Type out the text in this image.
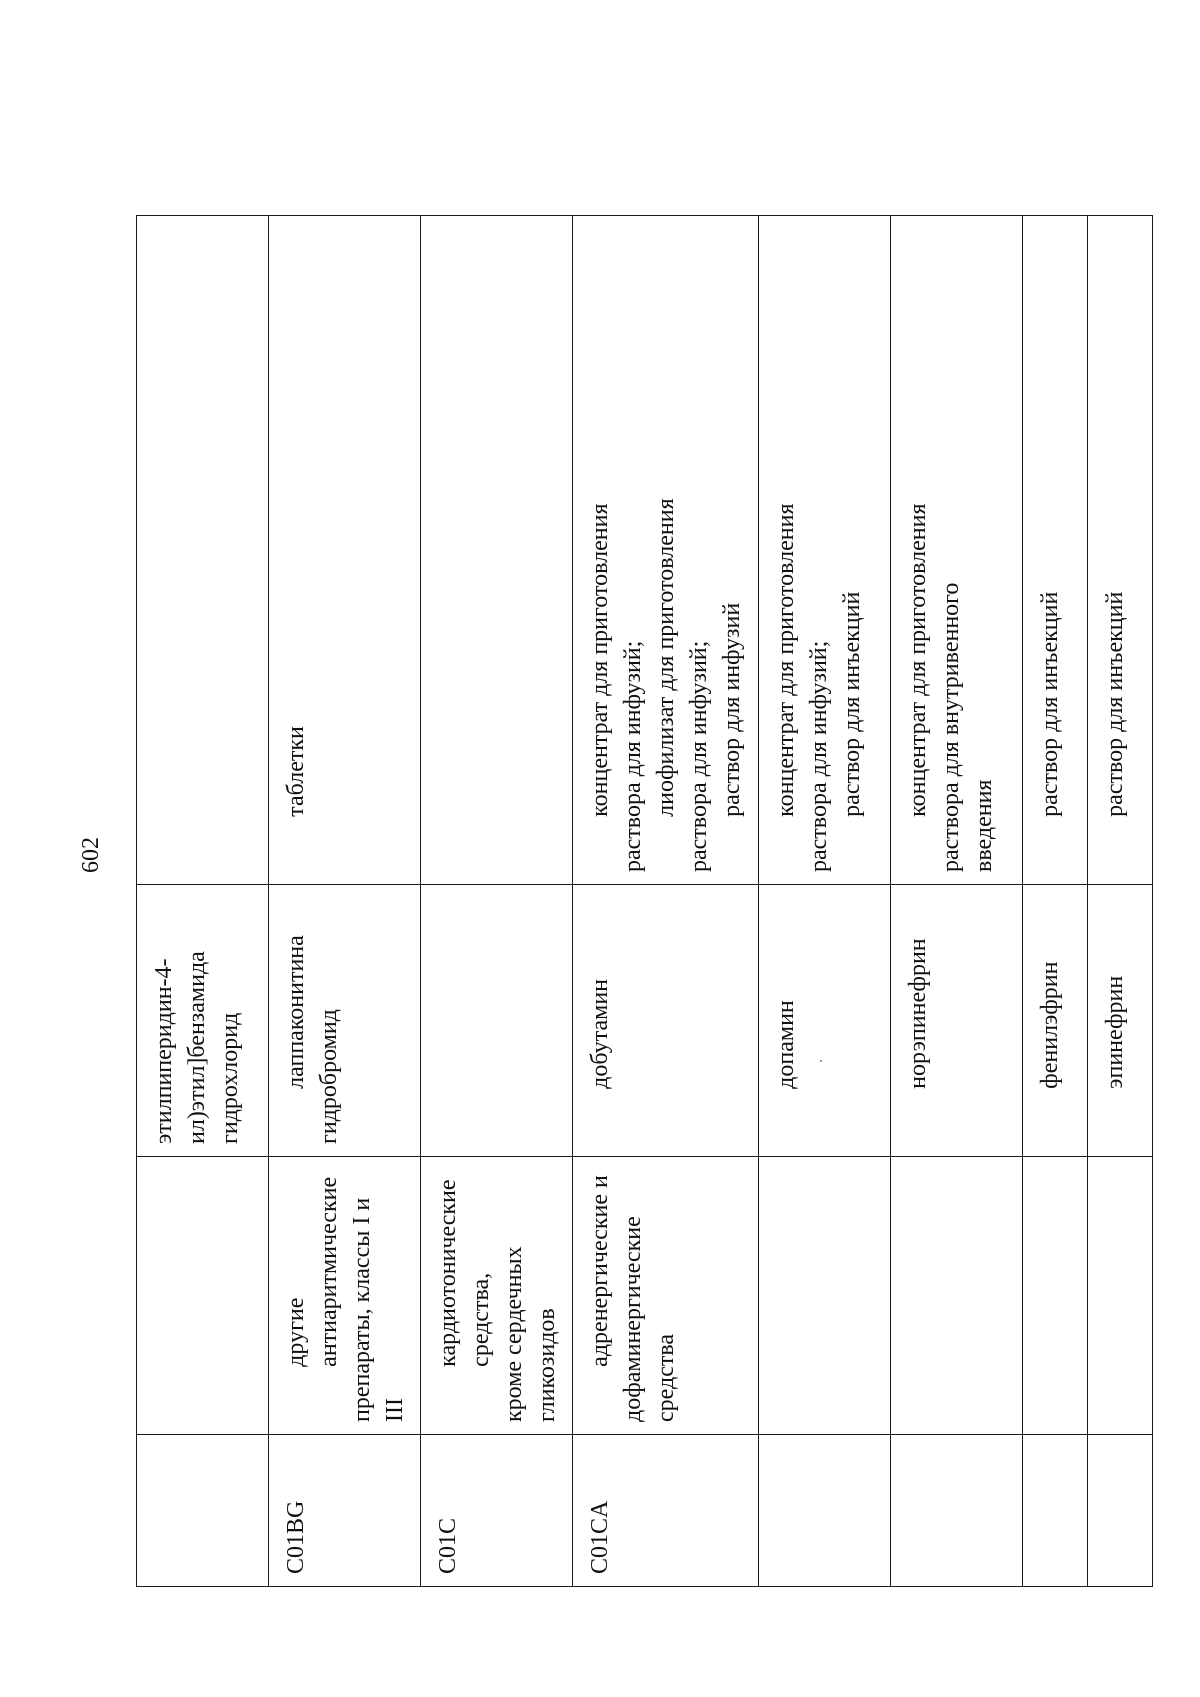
602

		этилпиперидин-4- ил)этил]бензамида гидрохлорид	

C01BG	другие антиаритмические препараты, классы I и III	лаппаконитина гидробромид	таблетки

C01C	кардиотонические средства, кроме сердечных гликозидов		

C01CA	адренергические и дофаминергические средства	добутамин	концентрат для приготовления раствора для инфузий; лиофилизат для приготовления раствора для инфузий; раствор для инфузий

		допамин	концентрат для приготовления раствора для инфузий; раствор для инъекций

		норэпинефрин	концентрат для приготовления раствора для внутривенного введения

		фенилэфрин	раствор для инъекций

		эпинефрин	раствор для инъекций
